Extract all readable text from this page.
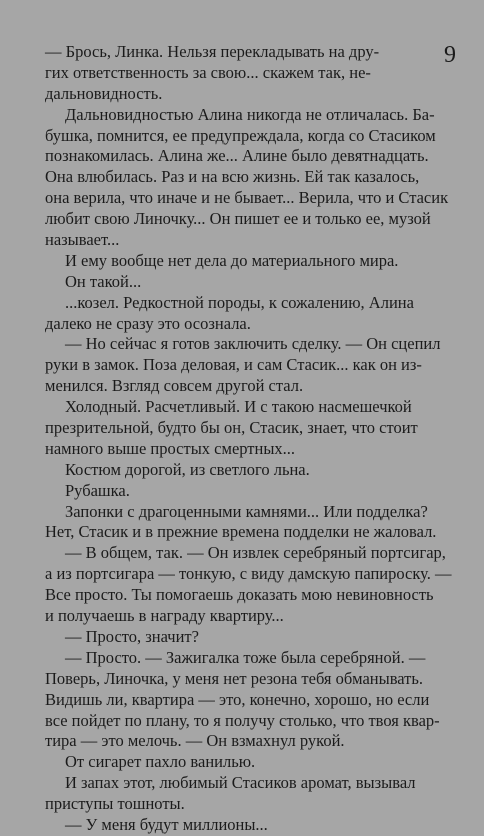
9
— Брось, Линка. Нельзя перекладывать на дру-
гих ответственность за свою... скажем так, не-
дальновидность.
Дальновидностью Алина никогда не отличалась. Ба-
бушка, помнится, ее предупреждала, когда со Стасиком
познакомилась. Алина же... Алине было девятнадцать.
Она влюбилась. Раз и на всю жизнь. Ей так казалось,
она верила, что иначе и не бывает... Верила, что и Стасик
любит свою Линочку... Он пишет ее и только ее, музой
называет...
И ему вообще нет дела до материального мира.
Он такой...
...козел. Редкостной породы, к сожалению, Алина
далеко не сразу это осознала.
— Но сейчас я готов заключить сделку. — Он сцепил
руки в замок. Поза деловая, и сам Стасик... как он из-
менился. Взгляд совсем другой стал.
Холодный. Расчетливый. И с такою насмешечкой
презрительной, будто бы он, Стасик, знает, что стоит
намного выше простых смертных...
Костюм дорогой, из светлого льна.
Рубашка.
Запонки с драгоценными камнями... Или подделка?
Нет, Стасик и в прежние времена подделки не жаловал.
— В общем, так. — Он извлек серебряный портсигар,
а из портсигара — тонкую, с виду дамскую папироску. —
Все просто. Ты помогаешь доказать мою невиновность
и получаешь в награду квартиру...
— Просто, значит?
— Просто. — Зажигалка тоже была серебряной. —
Поверь, Линочка, у меня нет резона тебя обманывать.
Видишь ли, квартира — это, конечно, хорошо, но если
все пойдет по плану, то я получу столько, что твоя квар-
тира — это мелочь. — Он взмахнул рукой.
От сигарет пахло ванилью.
И запах этот, любимый Стасиков аромат, вызывал
приступы тошноты.
— У меня будут миллионы...
